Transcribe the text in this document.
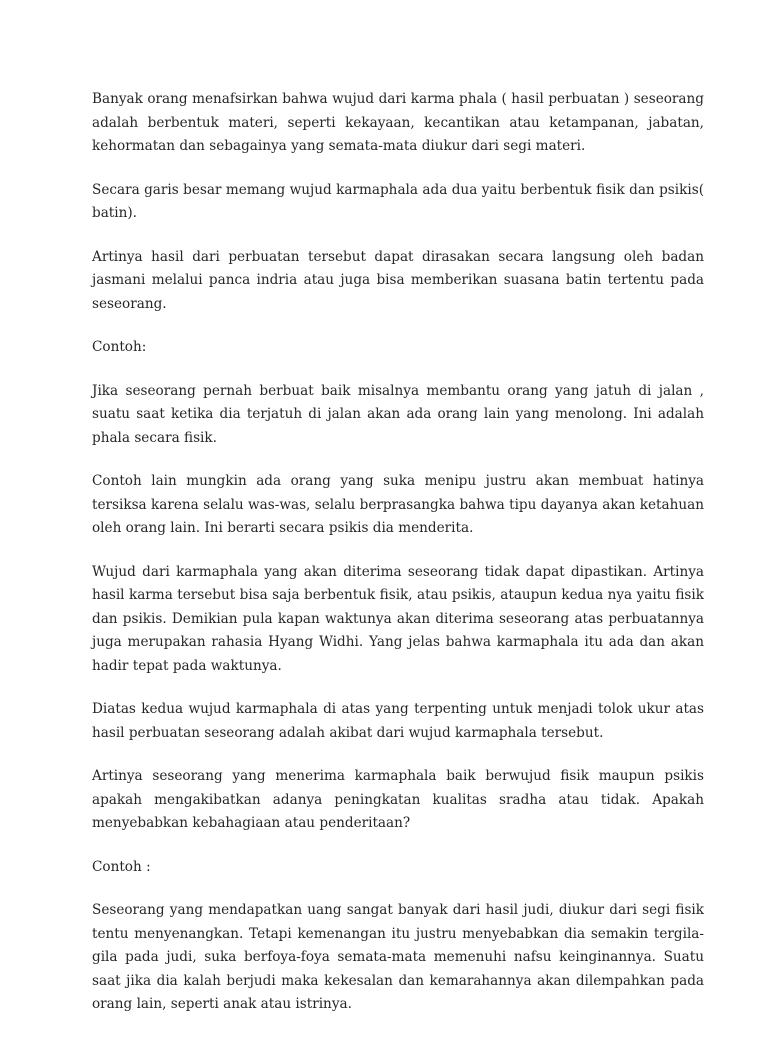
Banyak orang menafsirkan bahwa wujud dari karma phala ( hasil perbuatan ) seseorang adalah berbentuk materi, seperti kekayaan, kecantikan atau ketampanan, jabatan, kehormatan dan sebagainya yang semata-mata diukur dari segi materi.

Secara garis besar memang wujud karmaphala ada dua yaitu berbentuk fisik dan psikis( batin).

Artinya hasil dari perbuatan tersebut dapat dirasakan secara langsung oleh badan jasmani melalui panca indria atau juga bisa memberikan suasana batin tertentu pada seseorang.

Contoh:

Jika seseorang pernah berbuat baik misalnya membantu orang yang jatuh di jalan , suatu saat ketika dia terjatuh di jalan akan ada orang lain yang menolong. Ini adalah phala secara fisik.

Contoh lain mungkin ada orang yang suka menipu justru akan membuat hatinya tersiksa karena selalu was-was, selalu berprasangka bahwa tipu dayanya akan ketahuan oleh orang lain. Ini berarti secara psikis dia menderita.

Wujud dari karmaphala yang akan diterima seseorang tidak dapat dipastikan. Artinya hasil karma tersebut bisa saja berbentuk fisik, atau psikis, ataupun kedua nya yaitu fisik dan psikis. Demikian pula kapan waktunya akan diterima seseorang atas perbuatannya juga merupakan rahasia Hyang Widhi. Yang jelas bahwa karmaphala itu ada dan akan hadir tepat pada waktunya.

Diatas kedua wujud karmaphala di atas yang terpenting untuk menjadi tolok ukur atas hasil perbuatan seseorang adalah akibat dari wujud karmaphala tersebut.

Artinya seseorang yang menerima karmaphala baik berwujud fisik maupun psikis apakah mengakibatkan adanya peningkatan kualitas sradha atau tidak. Apakah menyebabkan kebahagiaan atau penderitaan?

Contoh :

Seseorang yang mendapatkan uang sangat banyak dari hasil judi, diukur dari segi fisik tentu menyenangkan. Tetapi kemenangan itu justru menyebabkan dia semakin tergila-gila pada judi, suka berfoya-foya semata-mata memenuhi nafsu keinginannya. Suatu saat jika dia kalah berjudi maka kekesalan dan kemarahannya akan dilempahkan pada orang lain, seperti anak atau istrinya.
